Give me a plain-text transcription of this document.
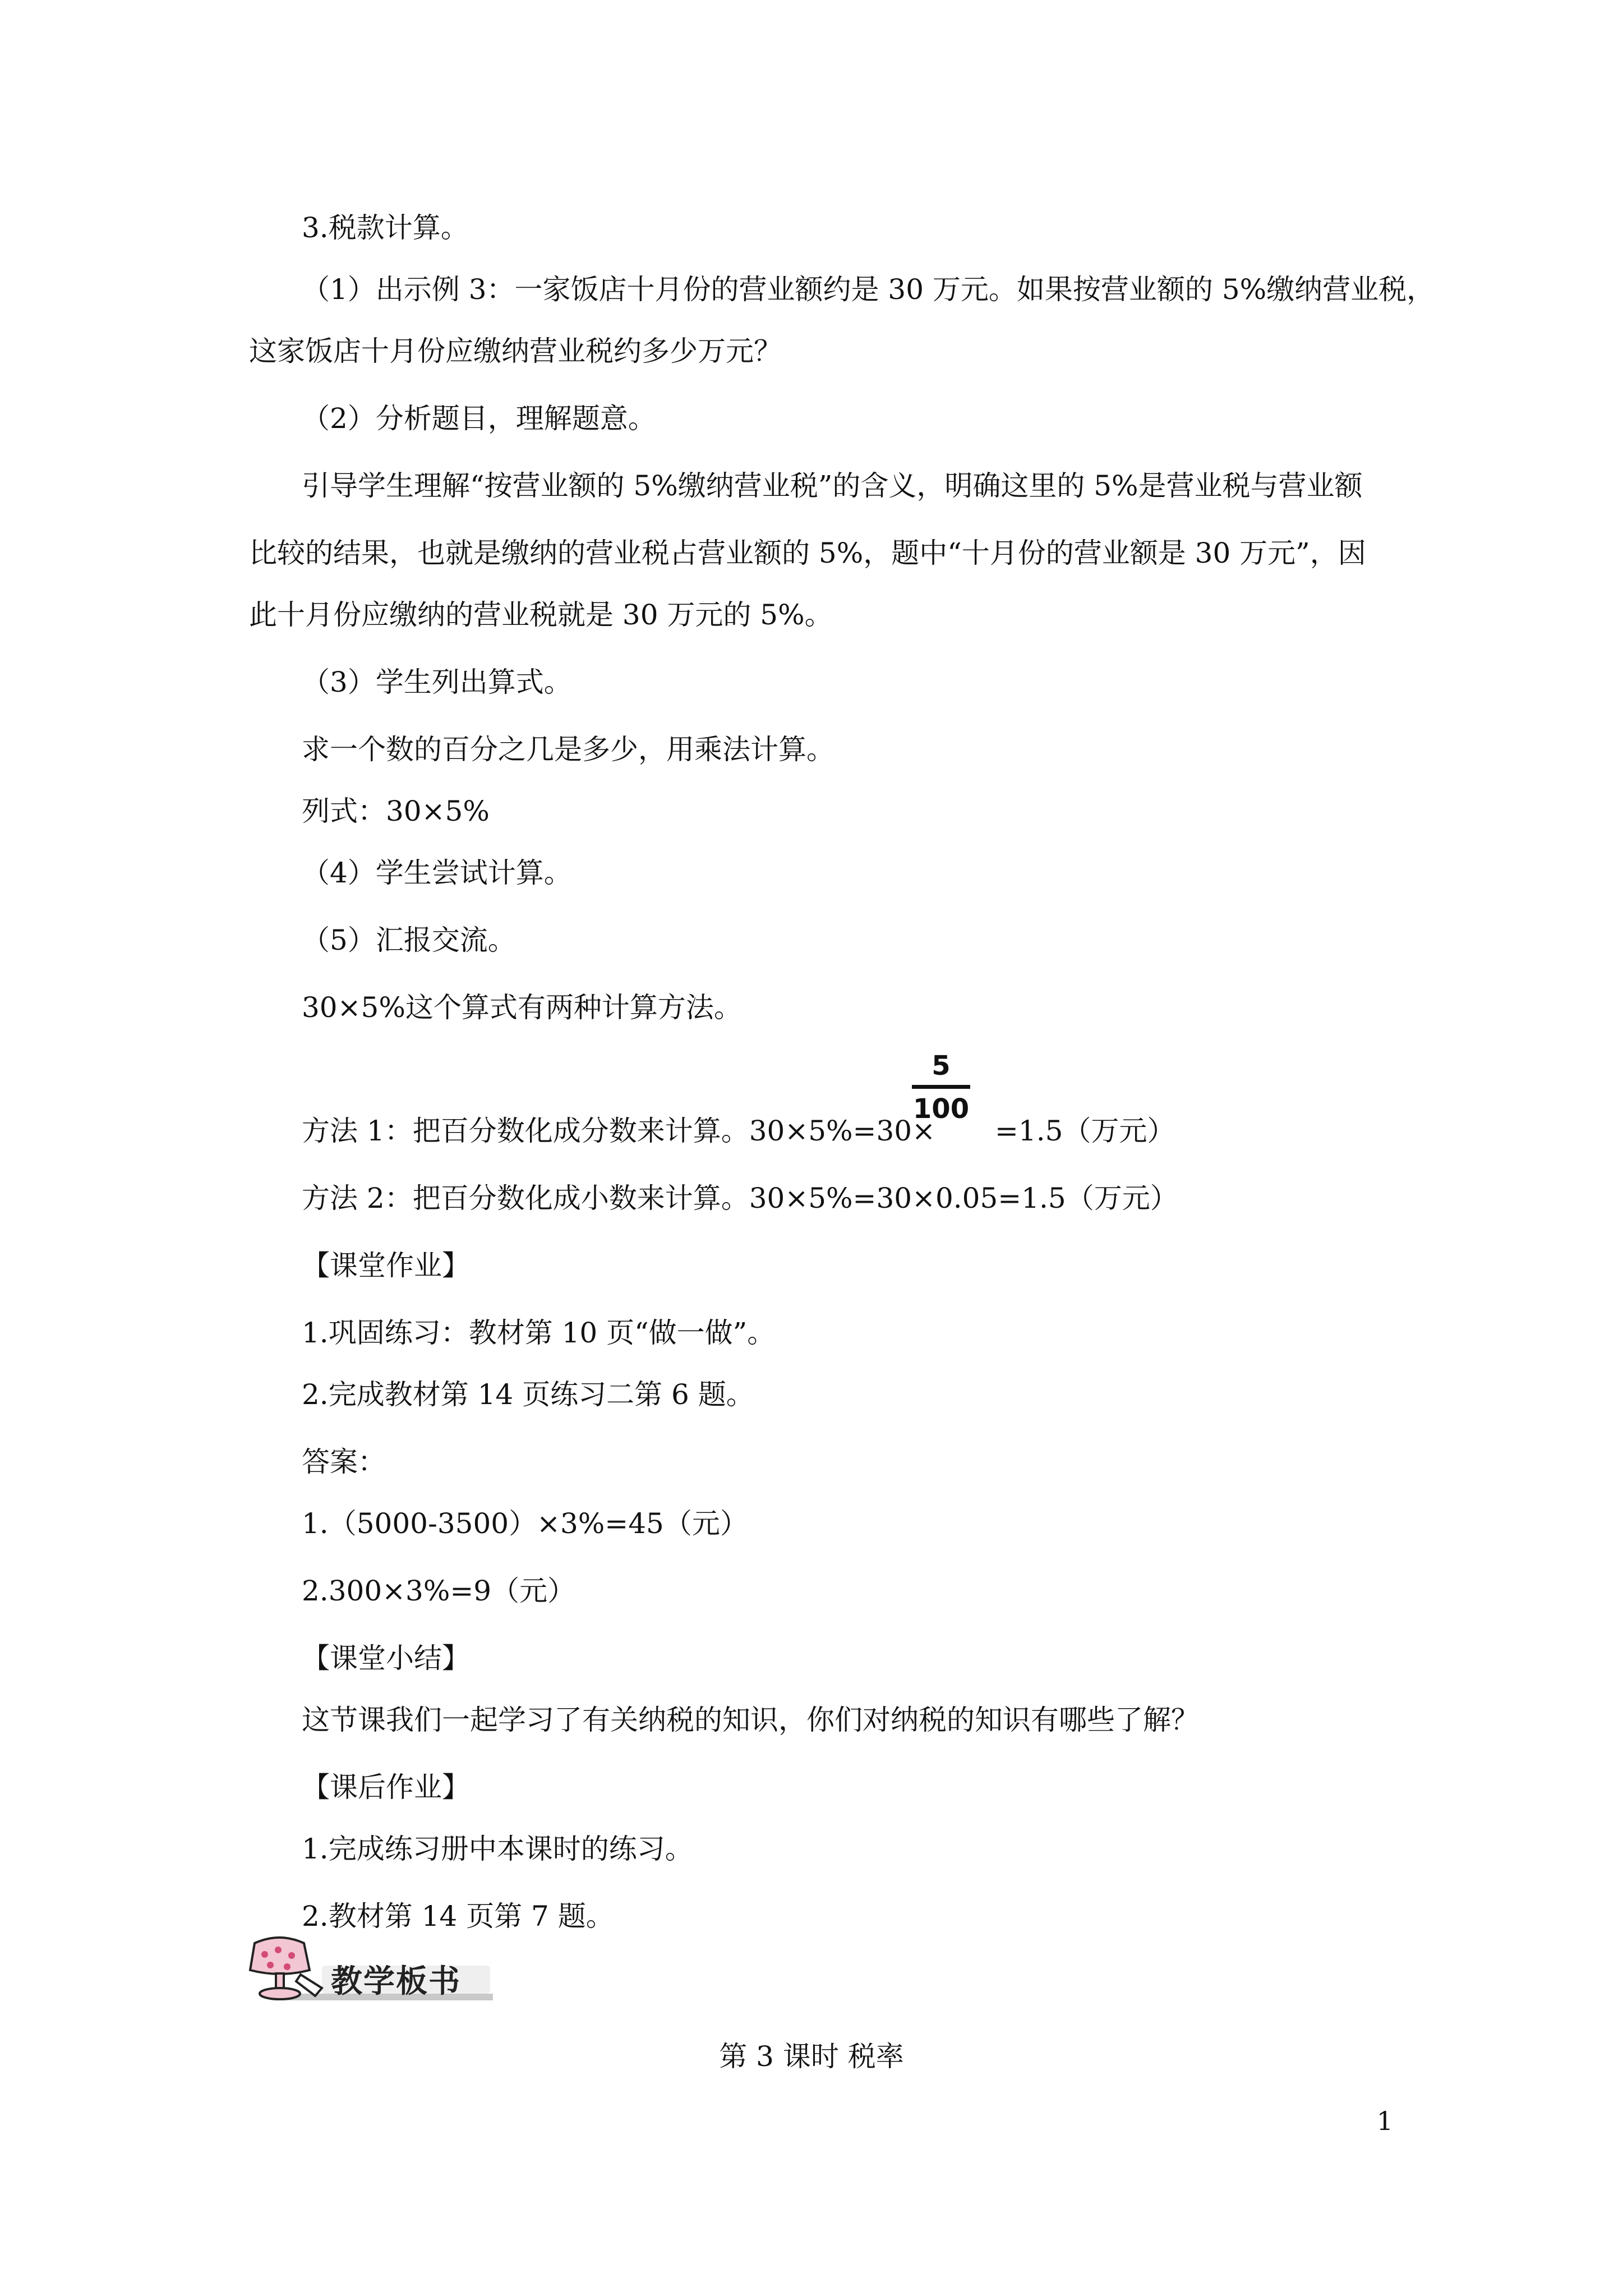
3.税款计算。
（1）出示例 3：一家饭店十月份的营业额约是 30 万元。如果按营业额的 5%缴纳营业税，
这家饭店十月份应缴纳营业税约多少万元？
（2）分析题目，理解题意。
引导学生理解“按营业额的 5%缴纳营业税”的含义，明确这里的 5%是营业税与营业额
比较的结果，也就是缴纳的营业税占营业额的 5%，题中“十月份的营业额是 30 万元”，因
此十月份应缴纳的营业税就是 30 万元的 5%。
（3）学生列出算式。
求一个数的百分之几是多少，用乘法计算。
列式：30×5%
（4）学生尝试计算。
（5）汇报交流。
30×5%这个算式有两种计算方法。
方法 1：把百分数化成分数来计算。30×5%=30×
5
100
=1.5（万元）
方法 2：把百分数化成小数来计算。30×5%=30×0.05=1.5（万元）
【课堂作业】
1.巩固练习：教材第 10 页“做一做”。
2.完成教材第 14 页练习二第 6 题。
答案：
1.（5000-3500）×3%=45（元）
2.300×3%=9（元）
【课堂小结】
这节课我们一起学习了有关纳税的知识，你们对纳税的知识有哪些了解？
【课后作业】
1.完成练习册中本课时的练习。
2.教材第 14 页第 7 题。
教学板书
第 3 课时 税率
1
